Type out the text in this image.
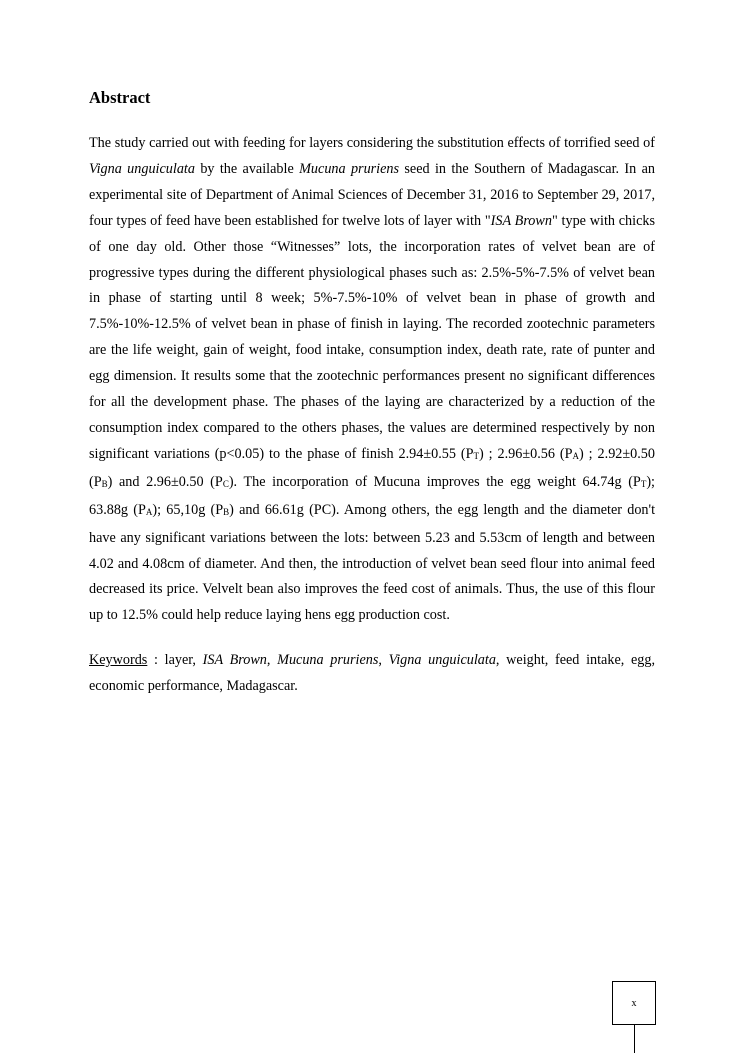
Abstract

The study carried out with feeding for layers considering the substitution effects of torrified seed of Vigna unguiculata by the available Mucuna pruriens seed in the Southern of Madagascar. In an experimental site of Department of Animal Sciences of December 31, 2016 to September 29, 2017, four types of feed have been established for twelve lots of layer with "ISA Brown" type with chicks of one day old. Other those “Witnesses” lots, the incorporation rates of velvet bean are of progressive types during the different physiological phases such as: 2.5%-5%-7.5% of velvet bean in phase of starting until 8 week; 5%-7.5%-10% of velvet bean in phase of growth and 7.5%-10%-12.5% of velvet bean in phase of finish in laying. The recorded zootechnic parameters are the life weight, gain of weight, food intake, consumption index, death rate, rate of punter and egg dimension. It results some that the zootechnic performances present no significant differences for all the development phase. The phases of the laying are characterized by a reduction of the consumption index compared to the others phases, the values are determined respectively by non significant variations (p<0.05) to the phase of finish 2.94±0.55 (PT) ; 2.96±0.56 (PA) ; 2.92±0.50 (PB) and 2.96±0.50 (PC). The incorporation of Mucuna improves the egg weight 64.74g (PT); 63.88g (PA); 65,10g (PB) and 66.61g (PC). Among others, the egg length and the diameter don't have any significant variations between the lots: between 5.23 and 5.53cm of length and between 4.02 and 4.08cm of diameter. And then, the introduction of velvet bean seed flour into animal feed decreased its price. Velvelt bean also improves the feed cost of animals. Thus, the use of this flour up to 12.5% could help reduce laying hens egg production cost.

Keywords : layer, ISA Brown, Mucuna pruriens, Vigna unguiculata, weight, feed intake, egg, economic performance, Madagascar.

x
